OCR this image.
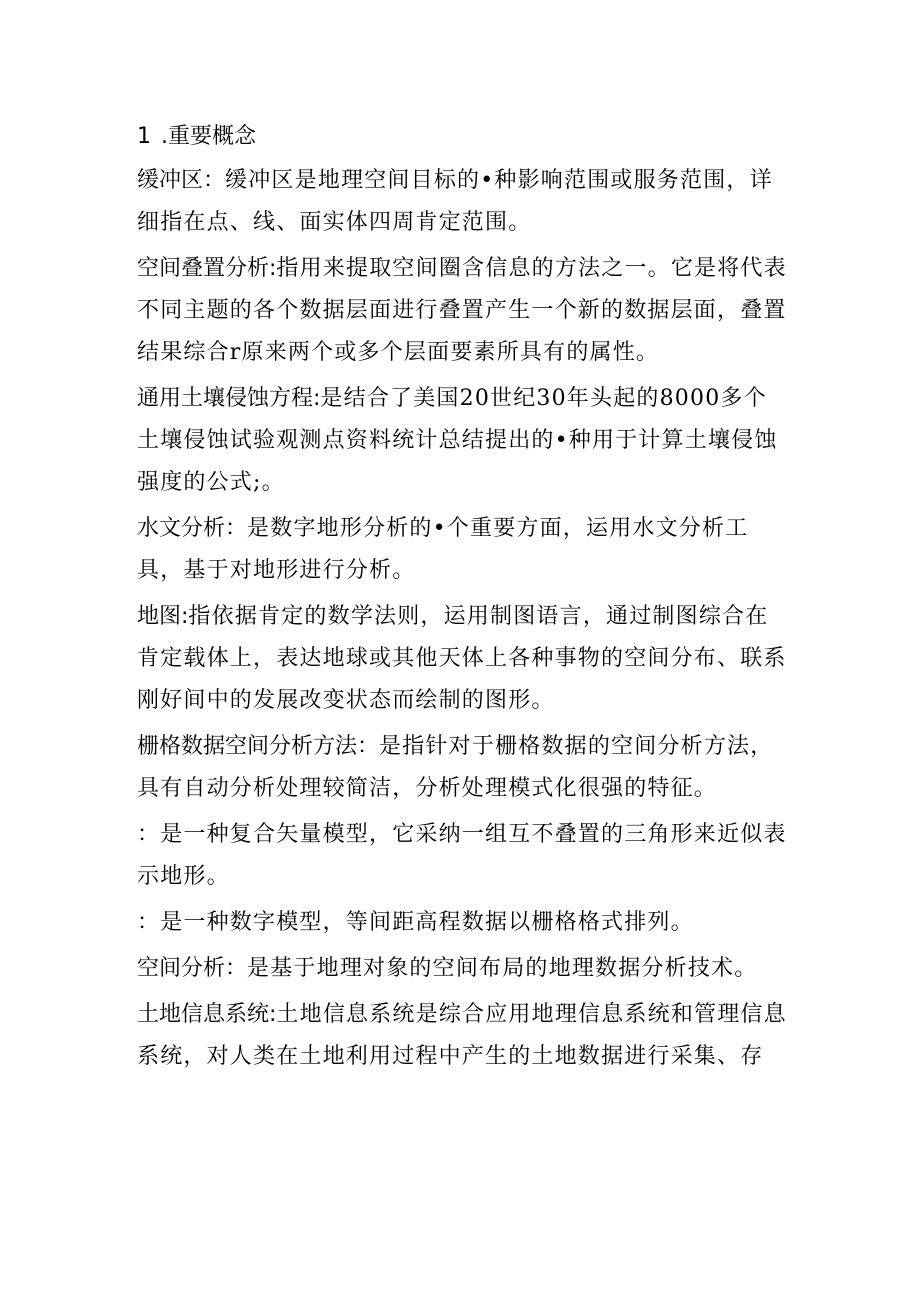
1 .重要概念

缓冲区：缓冲区是地理空间目标的•种影响范围或服务范围，详细指在点、线、面实体四周肯定范围。

空间叠置分析:指用来提取空间圈含信息的方法之一。它是将代表不同主题的各个数据层面进行叠置产生一个新的数据层面，叠置结果综合r原来两个或多个层面要素所具有的属性。

通用土壤侵蚀方程:是结合了美国20世纪30年头起的8000多个土壤侵蚀试验观测点资料统计总结提出的•种用于计算土壤侵蚀强度的公式;。

水文分析：是数字地形分析的•个重要方面，运用水文分析工具，基于对地形进行分析。

地图:指依据肯定的数学法则，运用制图语言，通过制图综合在肯定载体上，表达地球或其他天体上各种事物的空间分布、联系刚好间中的发展改变状态而绘制的图形。

栅格数据空间分析方法：是指针对于栅格数据的空间分析方法，具有自动分析处理较简洁，分析处理模式化很强的特征。

：是一种复合矢量模型，它采纳一组互不叠置的三角形来近似表示地形。

：是一种数字模型，等间距高程数据以栅格格式排列。

空间分析：是基于地理对象的空间布局的地理数据分析技术。

土地信息系统:土地信息系统是综合应用地理信息系统和管理信息系统，对人类在土地利用过程中产生的土地数据进行采集、存
